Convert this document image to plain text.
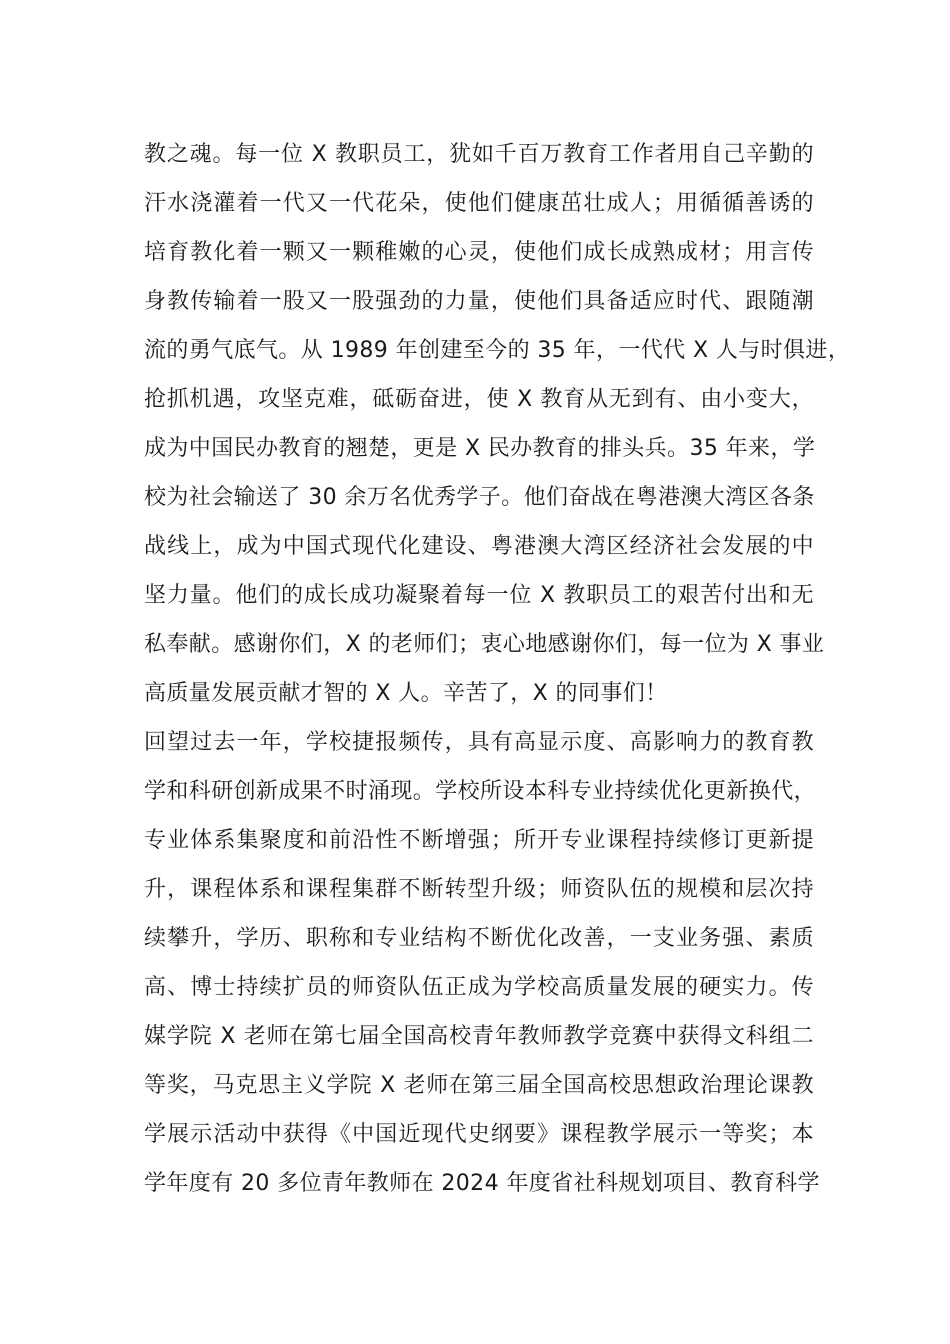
教之魂。每一位 X 教职员工，犹如千百万教育工作者用自己辛勤的
汗水浇灌着一代又一代花朵，使他们健康茁壮成人；用循循善诱的
培育教化着一颗又一颗稚嫩的心灵，使他们成长成熟成材；用言传
身教传输着一股又一股强劲的力量，使他们具备适应时代、跟随潮
流的勇气底气。从 1989 年创建至今的 35 年，一代代 X 人与时俱进，
抢抓机遇，攻坚克难，砥砺奋进，使 X 教育从无到有、由小变大，
成为中国民办教育的翘楚，更是 X 民办教育的排头兵。35 年来，学
校为社会输送了 30 余万名优秀学子。他们奋战在粤港澳大湾区各条
战线上，成为中国式现代化建设、粤港澳大湾区经济社会发展的中
坚力量。他们的成长成功凝聚着每一位 X 教职员工的艰苦付出和无
私奉献。感谢你们，X 的老师们；衷心地感谢你们，每一位为 X 事业
高质量发展贡献才智的 X 人。辛苦了，X 的同事们！
回望过去一年，学校捷报频传，具有高显示度、高影响力的教育教
学和科研创新成果不时涌现。学校所设本科专业持续优化更新换代，
专业体系集聚度和前沿性不断增强；所开专业课程持续修订更新提
升，课程体系和课程集群不断转型升级；师资队伍的规模和层次持
续攀升，学历、职称和专业结构不断优化改善，一支业务强、素质
高、博士持续扩员的师资队伍正成为学校高质量发展的硬实力。传
媒学院 X 老师在第七届全国高校青年教师教学竞赛中获得文科组二
等奖，马克思主义学院 X 老师在第三届全国高校思想政治理论课教
学展示活动中获得《中国近现代史纲要》课程教学展示一等奖；本
学年度有 20 多位青年教师在 2024 年度省社科规划项目、教育科学
